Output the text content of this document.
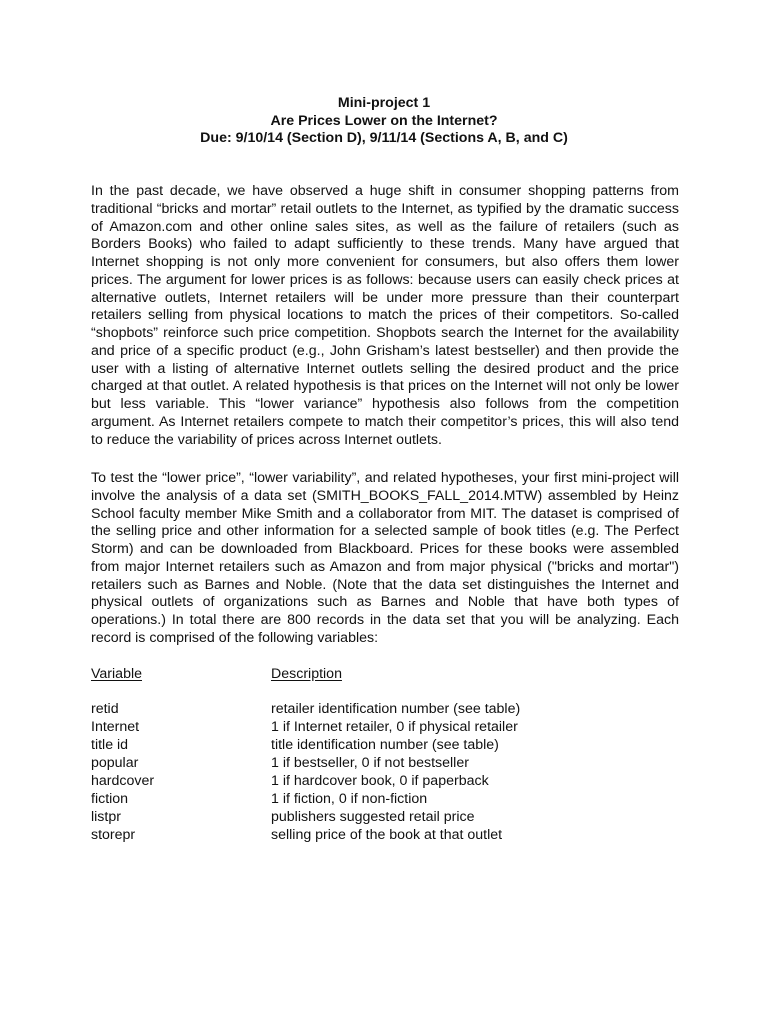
Mini-project 1
Are Prices Lower on the Internet?
Due: 9/10/14 (Section D), 9/11/14 (Sections A, B, and C)

In the past decade, we have observed a huge shift in consumer shopping patterns from traditional “bricks and mortar” retail outlets to the Internet, as typified by the dramatic success of Amazon.com and other online sales sites, as well as the failure of retailers (such as Borders Books) who failed to adapt sufficiently to these trends. Many have argued that Internet shopping is not only more convenient for consumers, but also offers them lower prices. The argument for lower prices is as follows: because users can easily check prices at alternative outlets, Internet retailers will be under more pressure than their counterpart retailers selling from physical locations to match the prices of their competitors. So-called “shopbots” reinforce such price competition. Shopbots search the Internet for the availability and price of a specific product (e.g., John Grisham’s latest bestseller) and then provide the user with a listing of alternative Internet outlets selling the desired product and the price charged at that outlet. A related hypothesis is that prices on the Internet will not only be lower but less variable. This “lower variance” hypothesis also follows from the competition argument. As Internet retailers compete to match their competitor’s prices, this will also tend to reduce the variability of prices across Internet outlets.

To test the “lower price”, “lower variability”, and related hypotheses, your first mini-project will involve the analysis of a data set (SMITH_BOOKS_FALL_2014.MTW) assembled by Heinz School faculty member Mike Smith and a collaborator from MIT. The dataset is comprised of the selling price and other information for a selected sample of book titles (e.g. The Perfect Storm) and can be downloaded from Blackboard. Prices for these books were assembled from major Internet retailers such as Amazon and from major physical ("bricks and mortar") retailers such as Barnes and Noble. (Note that the data set distinguishes the Internet and physical outlets of organizations such as Barnes and Noble that have both types of operations.) In total there are 800 records in the data set that you will be analyzing. Each record is comprised of the following variables:

Variable	Description
retid	retailer identification number (see table)
Internet	1 if Internet retailer, 0 if physical retailer
title id	title identification number (see table)
popular	1 if bestseller, 0 if not bestseller
hardcover	1 if hardcover book, 0 if paperback
fiction	1 if fiction, 0 if non-fiction
listpr	publishers suggested retail price
storepr	selling price of the book at that outlet
